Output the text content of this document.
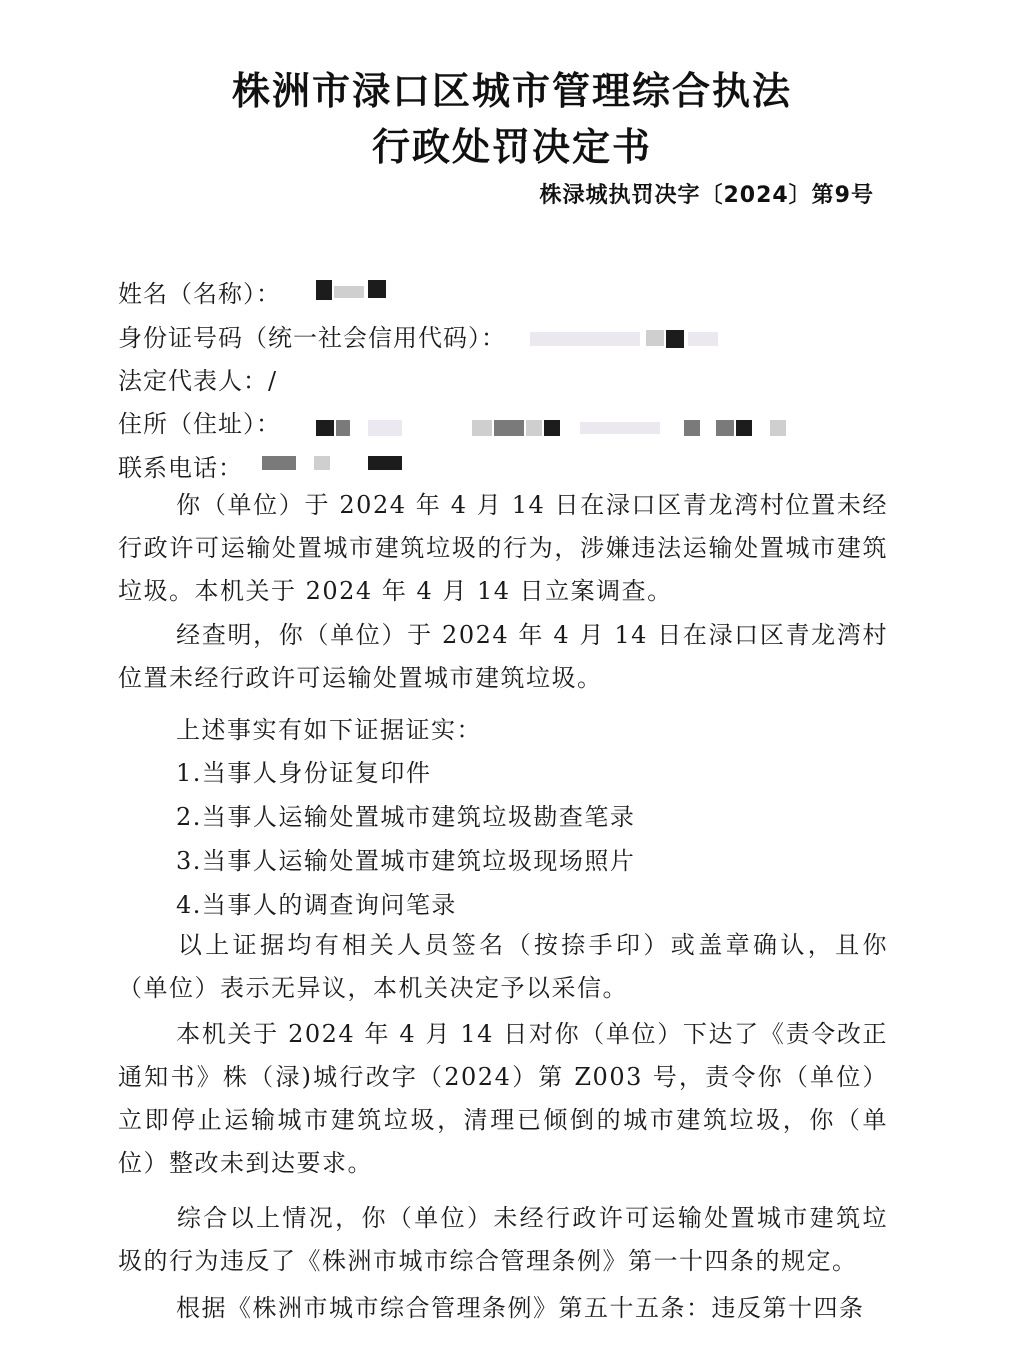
株洲市渌口区城市管理综合执法
行政处罚决定书
株渌城执罚决字〔2024〕第9号
姓名（名称）：
身份证号码（统一社会信用代码）：
法定代表人：/
住所（住址）：
联系电话：

你（单位）于 2024 年 4 月 14 日在渌口区青龙湾村位置未经行政许可运输处置城市建筑垃圾的行为，涉嫌违法运输处置城市建筑垃圾。本机关于 2024 年 4 月 14 日立案调查。

经查明，你（单位）于 2024 年 4 月 14 日在渌口区青龙湾村位置未经行政许可运输处置城市建筑垃圾。

上述事实有如下证据证实：
1.当事人身份证复印件
2.当事人运输处置城市建筑垃圾勘查笔录
3.当事人运输处置城市建筑垃圾现场照片
4.当事人的调查询问笔录

以上证据均有相关人员签名（按捺手印）或盖章确认，且你（单位）表示无异议，本机关决定予以采信。

本机关于 2024 年 4 月 14 日对你（单位）下达了《责令改正通知书》株（渌)城行改字（2024）第 Z003 号，责令你（单位）立即停止运输城市建筑垃圾，清理已倾倒的城市建筑垃圾，你（单位）整改未到达要求。

综合以上情况，你（单位）未经行政许可运输处置城市建筑垃圾的行为违反了《株洲市城市综合管理条例》第一十四条的规定。

根据《株洲市城市综合管理条例》第五十五条：违反第十四条
